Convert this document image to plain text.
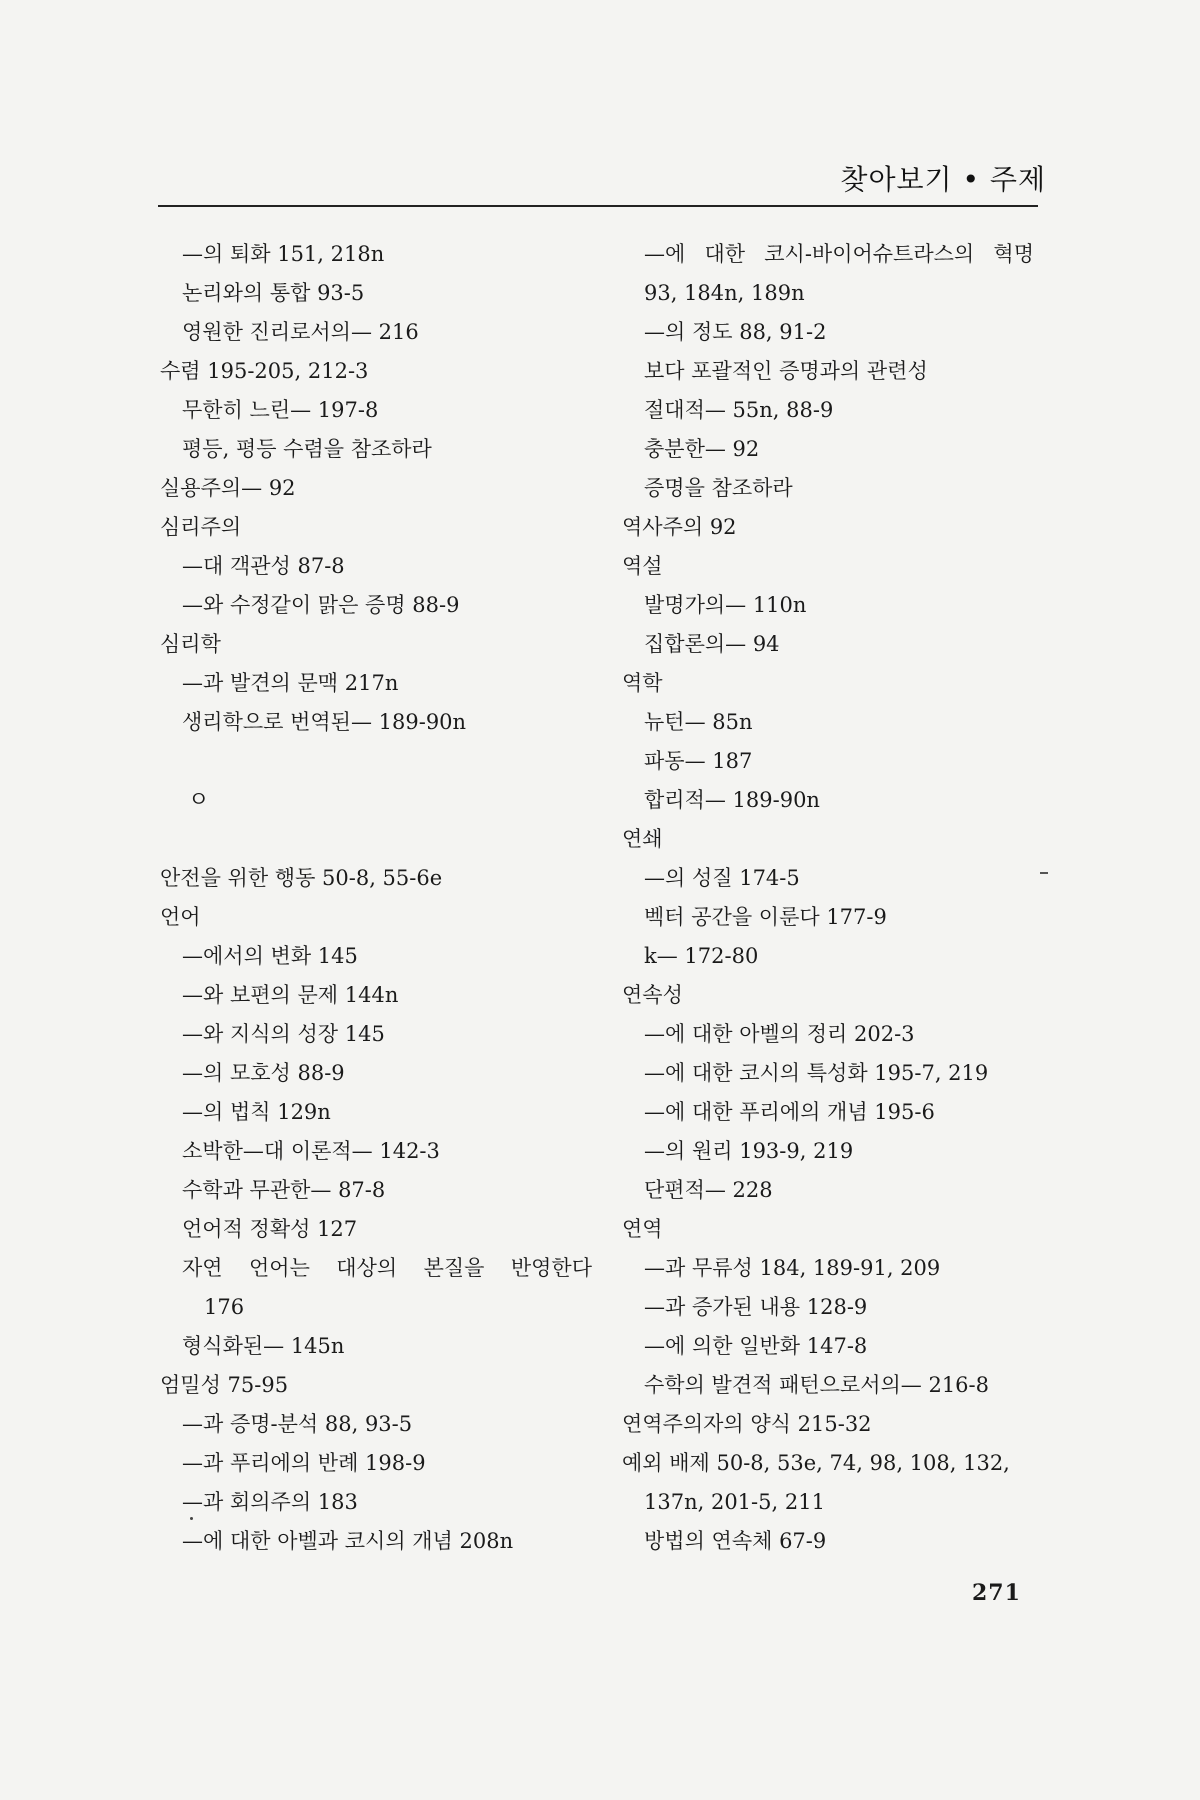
찾아보기 • 주제
—의 퇴화 151, 218n
논리와의 통합 93-5
영원한 진리로서의— 216
수렴 195-205, 212-3
무한히 느린— 197-8
평등, 평등 수렴을 참조하라
실용주의— 92
심리주의
—대 객관성 87-8
—와 수정같이 맑은 증명 88-9
심리학
—과 발견의 문맥 217n
생리학으로 번역된— 189-90n
ㅇ
안전을 위한 행동 50-8, 55-6e
언어
—에서의 변화 145
—와 보편의 문제 144n
—와 지식의 성장 145
—의 모호성 88-9
—의 법칙 129n
소박한—대 이론적— 142-3
수학과 무관한— 87-8
언어적 정확성 127
자연 언어는 대상의 본질을 반영한다
176
형식화된— 145n
엄밀성 75-95
—과 증명-분석 88, 93-5
—과 푸리에의 반례 198-9
—과 회의주의 183
—에 대한 아벨과 코시의 개념 208n
—에 대한 코시-바이어슈트라스의 혁명
93, 184n, 189n
—의 정도 88, 91-2
보다 포괄적인 증명과의 관련성
절대적— 55n, 88-9
충분한— 92
증명을 참조하라
역사주의 92
역설
발명가의— 110n
집합론의— 94
역학
뉴턴— 85n
파동— 187
합리적— 189-90n
연쇄
—의 성질 174-5
벡터 공간을 이룬다 177-9
k— 172-80
연속성
—에 대한 아벨의 정리 202-3
—에 대한 코시의 특성화 195-7, 219
—에 대한 푸리에의 개념 195-6
—의 원리 193-9, 219
단편적— 228
연역
—과 무류성 184, 189-91, 209
—과 증가된 내용 128-9
—에 의한 일반화 147-8
수학의 발견적 패턴으로서의— 216-8
연역주의자의 양식 215-32
예외 배제 50-8, 53e, 74, 98, 108, 132,
137n, 201-5, 211
방법의 연속체 67-9
271
